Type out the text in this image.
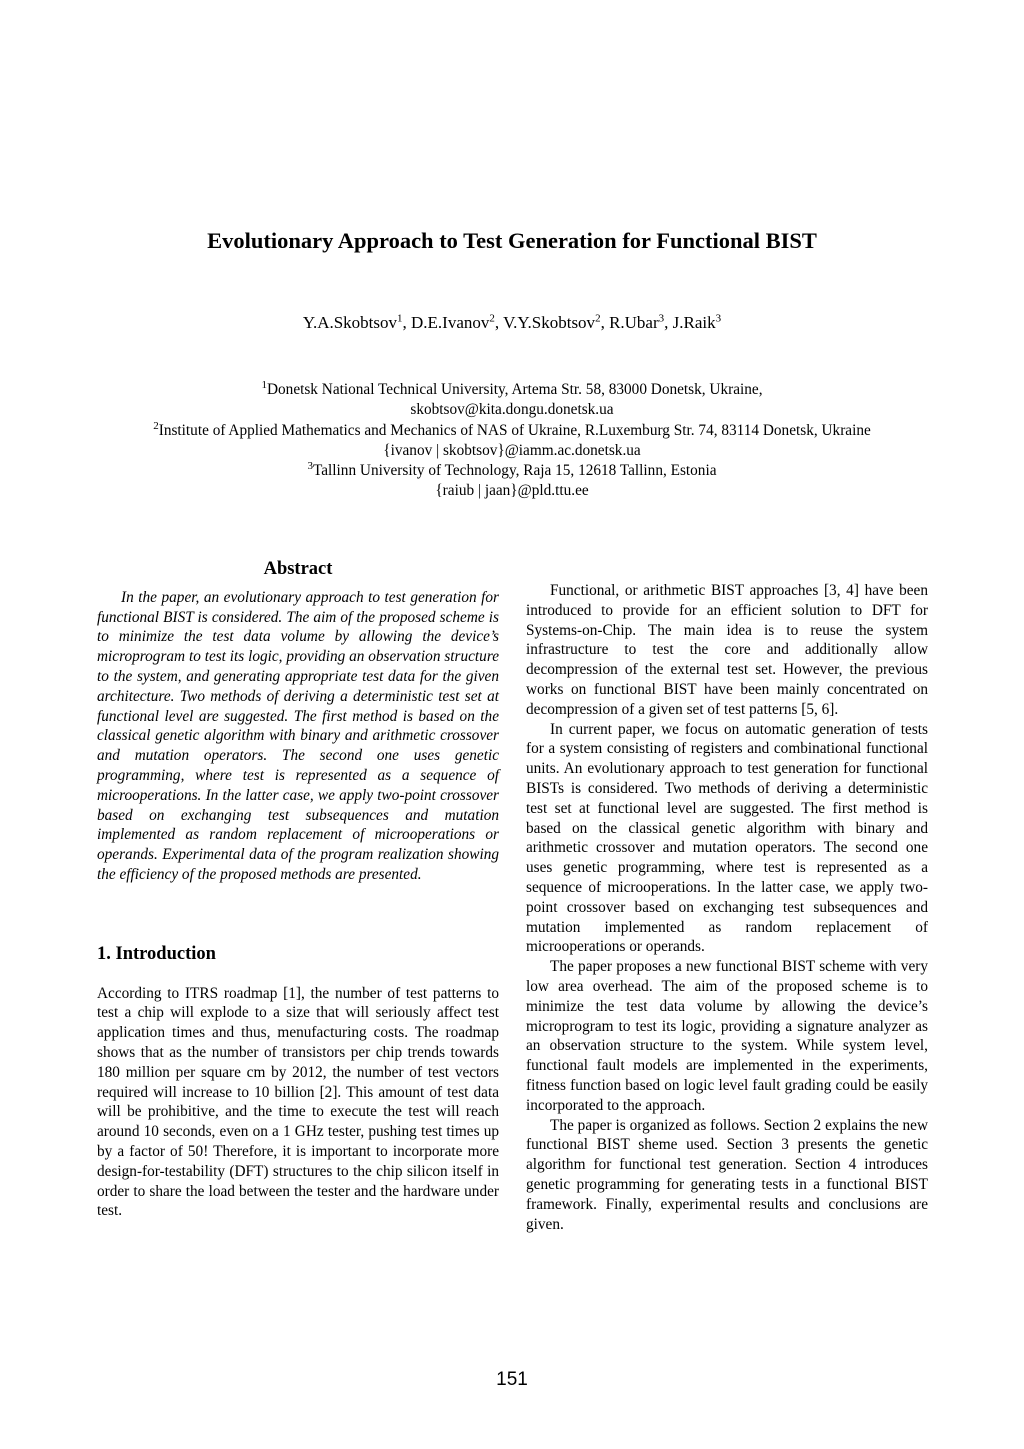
Evolutionary Approach to Test Generation for Functional BIST
Y.A.Skobtsov$^1$, D.E.Ivanov$^2$, V.Y.Skobtsov$^2$, R.Ubar$^3$, J.Raik$^3$
$^1$Donetsk National Technical University, Artema Str. 58, 83000 Donetsk, Ukraine,
skobtsov@kita.dongu.donetsk.ua
$^2$Institute of Applied Mathematics and Mechanics of NAS of Ukraine, R.Luxemburg Str. 74, 83114 Donetsk, Ukraine
{ivanov | skobtsov}@iamm.ac.donetsk.ua
$^3$Tallinn University of Technology, Raja 15, 12618 Tallinn, Estonia
{raiub | jaan}@pld.ttu.ee
Abstract

In the paper, an evolutionary approach to test generation for functional BIST is considered. The aim of the proposed scheme is to minimize the test data volume by allowing the device’s microprogram to test its logic, providing an observation structure to the system, and generating appropriate test data for the given architecture. Two methods of deriving a deterministic test set at functional level are suggested. The first method is based on the classical genetic algorithm with binary and arithmetic crossover and mutation operators. The second one uses genetic programming, where test is represented as a sequence of microoperations. In the latter case, we apply two-point crossover based on exchanging test subsequences and mutation implemented as random replacement of microoperations or operands. Experimental data of the program realization showing the efficiency of the proposed methods are presented.

1. Introduction

According to ITRS roadmap [1], the number of test patterns to test a chip will explode to a size that will seriously affect test application times and thus, menufacturing costs. The roadmap shows that as the number of transistors per chip trends towards 180 million per square cm by 2012, the number of test vectors required will increase to 10 billion [2]. This amount of test data will be prohibitive, and the time to execute the test will reach around 10 seconds, even on a 1 GHz tester, pushing test times up by a factor of 50! Therefore, it is important to incorporate more design-for-testability (DFT) structures to the chip silicon itself in order to share the load between the tester and the hardware under test.

Functional, or arithmetic BIST approaches [3, 4] have been introduced to provide for an efficient solution to DFT for Systems-on-Chip. The main idea is to reuse the system infrastructure to test the core and additionally allow decompression of the external test set. However, the previous works on functional BIST have been mainly concentrated on decompression of a given set of test patterns [5, 6].

In current paper, we focus on automatic generation of tests for a system consisting of registers and combinational functional units. An evolutionary approach to test generation for functional BISTs is considered. Two methods of deriving a deterministic test set at functional level are suggested. The first method is based on the classical genetic algorithm with binary and arithmetic crossover and mutation operators. The second one uses genetic programming, where test is represented as a sequence of microoperations. In the latter case, we apply two-point crossover based on exchanging test subsequences and mutation implemented as random replacement of microoperations or operands.

The paper proposes a new functional BIST scheme with very low area overhead. The aim of the proposed scheme is to minimize the test data volume by allowing the device’s microprogram to test its logic, providing a signature analyzer as an observation structure to the system. While system level, functional fault models are implemented in the experiments, fitness function based on logic level fault grading could be easily incorporated to the approach.

The paper is organized as follows. Section 2 explains the new functional BIST sheme used. Section 3 presents the genetic algorithm for functional test generation. Section 4 introduces genetic programming for generating tests in a functional BIST framework. Finally, experimental results and conclusions are given.

151
